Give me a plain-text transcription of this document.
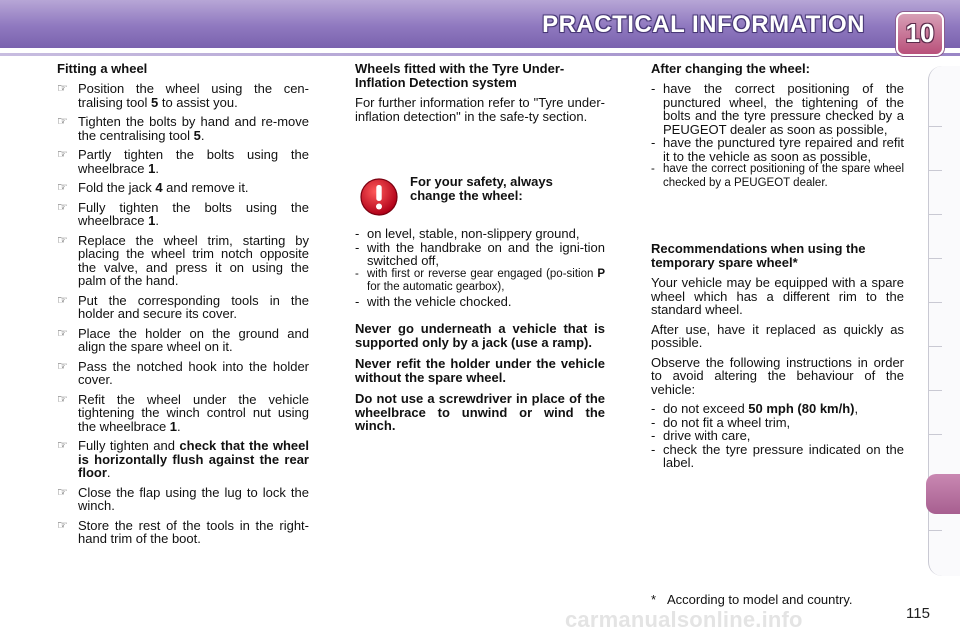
PRACTICAL INFORMATION 10
Fitting a wheel
☞ Position the wheel using the cen-tralising tool 5 to assist you.
☞ Tighten the bolts by hand and re-move the centralising tool 5.
☞ Partly tighten the bolts using the wheelbrace 1.
☞ Fold the jack 4 and remove it.
☞ Fully tighten the bolts using the wheelbrace 1.
☞ Replace the wheel trim, starting by placing the wheel trim notch opposite the valve, and press it on using the palm of the hand.
☞ Put the corresponding tools in the holder and secure its cover.
☞ Place the holder on the ground and align the spare wheel on it.
☞ Pass the notched hook into the holder cover.
☞ Refit the wheel under the vehicle tightening the winch control nut using the wheelbrace 1.
☞ Fully tighten and check that the wheel is horizontally flush against the rear floor.
☞ Close the flap using the lug to lock the winch.
☞ Store the rest of the tools in the right-hand trim of the boot.
Wheels fitted with the Tyre Under-Inflation Detection system

For further information refer to "Tyre under-inflation detection" in the safe-ty section.

For your safety, always change the wheel:
- on level, stable, non-slippery ground,
- with the handbrake on and the igni-tion switched off,
- with first or reverse gear engaged (po-sition P for the automatic gearbox),
- with the vehicle chocked.

Never go underneath a vehicle that is supported only by a jack (use a ramp).

Never refit the holder under the vehicle without the spare wheel.

Do not use a screwdriver in place of the wheelbrace to unwind or wind the winch.

After changing the wheel:
- have the correct positioning of the punctured wheel, the tightening of the bolts and the tyre pressure checked by a PEUGEOT dealer as soon as possible,
- have the punctured tyre repaired and refit it to the vehicle as soon as possible,
- have the correct positioning of the spare wheel checked by a PEUGEOT dealer.
Recommendations when using the temporary spare wheel*

Your vehicle may be equipped with a spare wheel which has a different rim to the standard wheel.

After use, have it replaced as quickly as possible.

Observe the following instructions in order to avoid altering the behaviour of the vehicle:

- do not exceed 50 mph (80 km/h),
- do not fit a wheel trim,
- drive with care,
- check the tyre pressure indicated on the label.
* According to model and country.
carmanualsonline.info	115
